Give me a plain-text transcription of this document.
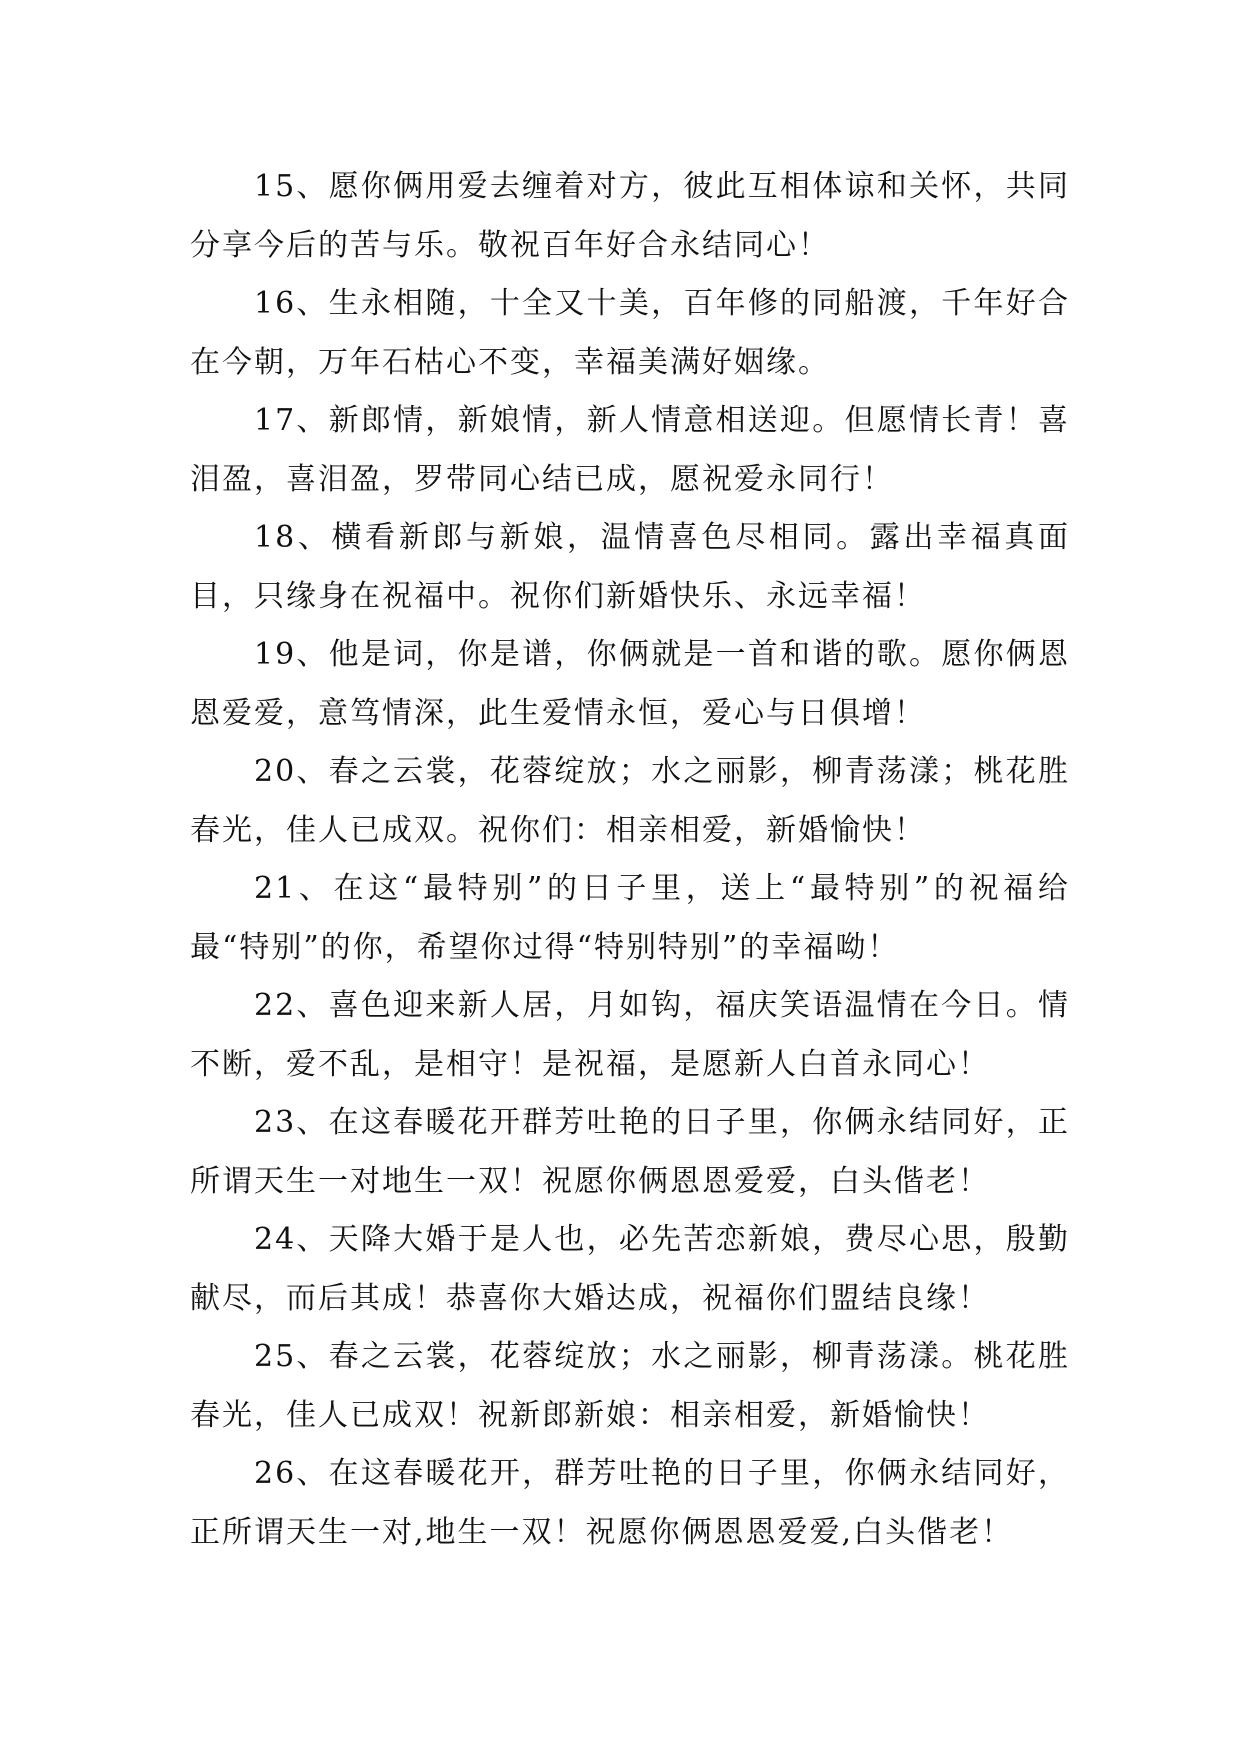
15、愿你俩用爱去缠着对方，彼此互相体谅和关怀，共同分享今后的苦与乐。敬祝百年好合永结同心！

16、生永相随，十全又十美，百年修的同船渡，千年好合在今朝，万年石枯心不变，幸福美满好姻缘。

17、新郎情，新娘情，新人情意相送迎。但愿情长青！喜泪盈，喜泪盈，罗带同心结已成，愿祝爱永同行！

18、横看新郎与新娘，温情喜色尽相同。露出幸福真面目，只缘身在祝福中。祝你们新婚快乐、永远幸福！

19、他是词，你是谱，你俩就是一首和谐的歌。愿你俩恩恩爱爱，意笃情深，此生爱情永恒，爱心与日俱增！

20、春之云裳，花蓉绽放；水之丽影，柳青荡漾；桃花胜春光，佳人已成双。祝你们：相亲相爱，新婚愉快！

21、在这“最特别”的日子里，送上“最特别”的祝福给最“特别”的你，希望你过得“特别特别”的幸福呦！

22、喜色迎来新人居，月如钩，福庆笑语温情在今日。情不断，爱不乱，是相守！是祝福，是愿新人白首永同心！

23、在这春暖花开群芳吐艳的日子里，你俩永结同好，正所谓天生一对地生一双！祝愿你俩恩恩爱爱，白头偕老！

24、天降大婚于是人也，必先苦恋新娘，费尽心思，殷勤献尽，而后其成！恭喜你大婚达成，祝福你们盟结良缘！

25、春之云裳，花蓉绽放；水之丽影，柳青荡漾。桃花胜春光，佳人已成双！祝新郎新娘：相亲相爱，新婚愉快！

26、在这春暖花开，群芳吐艳的日子里，你俩永结同好，正所谓天生一对,地生一双！祝愿你俩恩恩爱爱,白头偕老！
